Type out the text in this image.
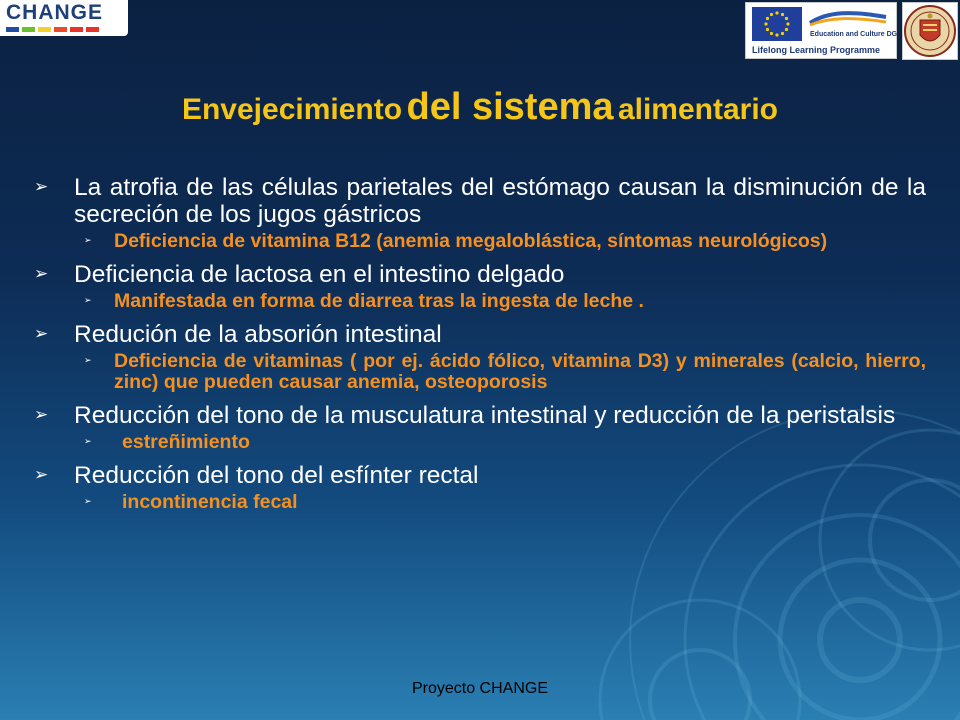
CHANGE
Education and Culture DG
Lifelong Learning Programme
Envejecimiento del sistema alimentario
➢	La atrofia de las células parietales del estómago causan la disminución de la secreción de los jugos gástricos
➢	Deficiencia de vitamina B12 (anemia megaloblástica, síntomas neurológicos)
➢	Deficiencia de lactosa en el intestino delgado
➢	Manifestada en forma de diarrea tras la ingesta de leche .
➢	Redución de la absorión intestinal
➢	Deficiencia de vitaminas ( por ej. ácido fólico, vitamina D3) y minerales (calcio, hierro, zinc) que pueden causar anemia, osteoporosis
➢	Reducción del tono de la musculatura intestinal y reducción de la peristalsis
➢	estreñimiento
➢	Reducción del tono del esfínter rectal
➢	incontinencia fecal
Proyecto CHANGE
